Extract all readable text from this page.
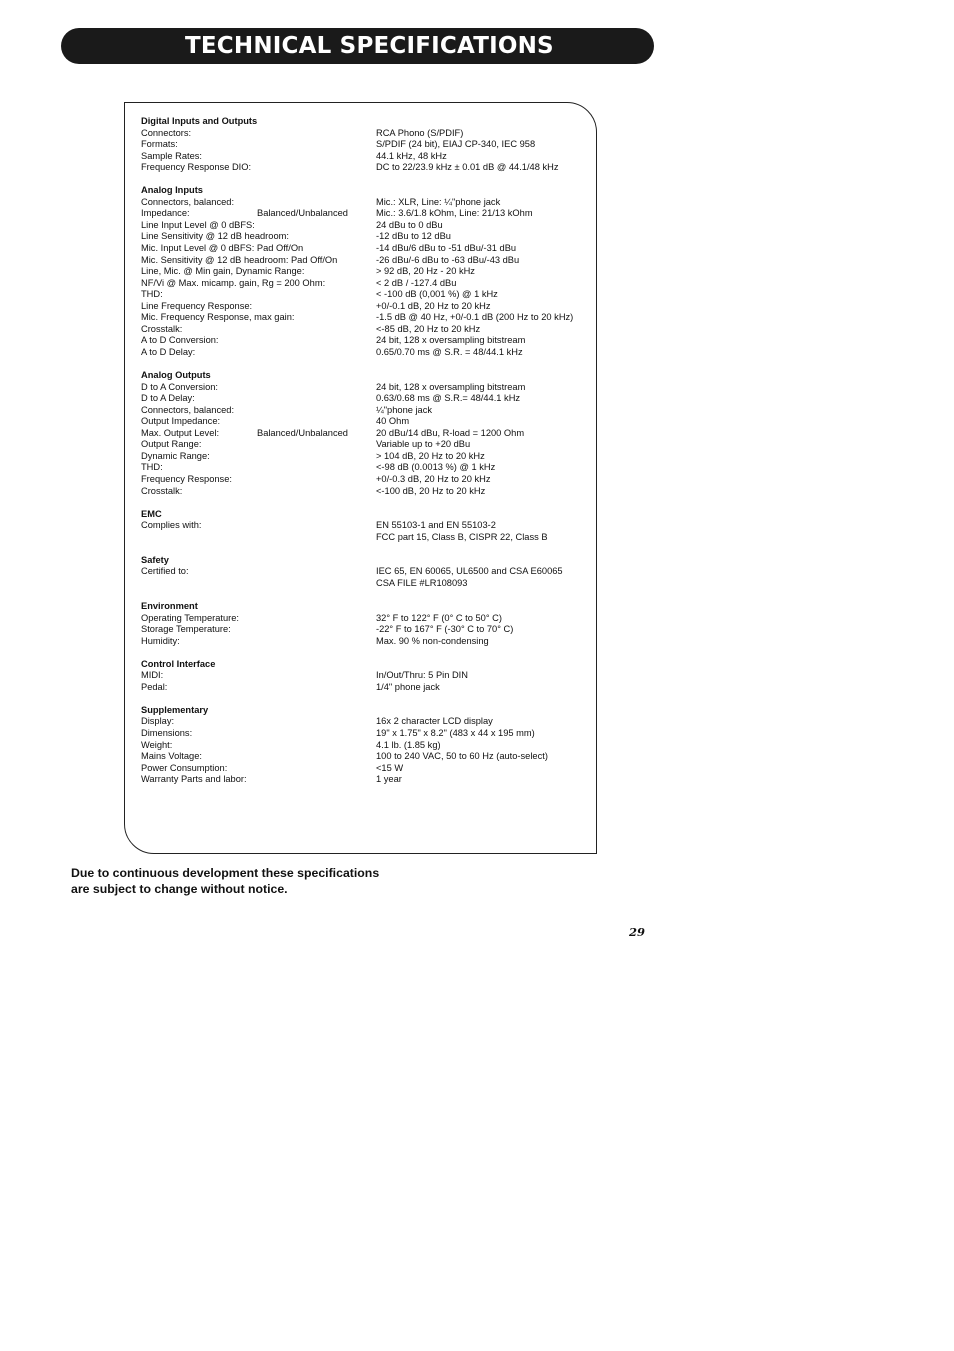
TECHNICAL SPECIFICATIONS
Digital Inputs and Outputs
Connectors:	RCA Phono (S/PDIF)
Formats:	S/PDIF (24 bit), EIAJ CP-340, IEC 958
Sample Rates:	44.1 kHz, 48 kHz
Frequency Response DIO:	DC to 22/23.9 kHz ± 0.01 dB @ 44.1/48 kHz
Analog Inputs
Connectors, balanced:	Mic.: XLR, Line: ¼"phone jack
Impedance:	Balanced/Unbalanced	Mic.: 3.6/1.8 kOhm, Line: 21/13 kOhm
Line Input Level @ 0 dBFS:	24 dBu to 0 dBu
Line Sensitivity @ 12 dB headroom:	-12 dBu to 12 dBu
Mic. Input Level @ 0 dBFS: Pad Off/On	-14 dBu/6 dBu to -51 dBu/-31 dBu
Mic. Sensitivity @ 12 dB headroom: Pad Off/On	-26 dBu/-6 dBu to -63 dBu/-43 dBu
Line, Mic. @ Min gain, Dynamic Range:	> 92 dB, 20 Hz - 20 kHz
NF/Vi @ Max. micamp. gain, Rg = 200 Ohm:	< 2 dB / -127.4 dBu
THD:	< -100 dB (0,001 %) @ 1 kHz
Line Frequency Response:	+0/-0.1 dB, 20 Hz to 20 kHz
Mic. Frequency Response, max gain:	-1.5 dB @ 40 Hz, +0/-0.1 dB (200 Hz to 20 kHz)
Crosstalk:	<-85 dB, 20 Hz to 20 kHz
A to D Conversion:	24 bit, 128 x oversampling bitstream
A to D Delay:	0.65/0.70 ms @ S.R. = 48/44.1 kHz
Analog Outputs
D to A Conversion:	24 bit, 128 x oversampling bitstream
D to A Delay:	0.63/0.68 ms @ S.R.= 48/44.1 kHz
Connectors, balanced:	¼"phone jack
Output Impedance:	40 Ohm
Max. Output Level:	Balanced/Unbalanced	20 dBu/14 dBu, R-load = 1200 Ohm
Output Range:	Variable up to +20 dBu
Dynamic Range:	> 104 dB, 20 Hz to 20 kHz
THD:	<-98 dB (0.0013 %) @ 1 kHz
Frequency Response:	+0/-0.3 dB, 20 Hz to 20 kHz
Crosstalk:	<-100 dB, 20 Hz to 20 kHz
EMC
Complies with:	EN 55103-1 and EN 55103-2
FCC part 15, Class B, CISPR 22, Class B
Safety
Certified to:	IEC 65, EN 60065, UL6500 and CSA E60065
CSA FILE #LR108093
Environment
Operating Temperature:	32° F to 122° F (0° C to 50° C)
Storage Temperature:	-22° F to 167° F (-30° C to 70° C)
Humidity:	Max. 90 % non-condensing
Control Interface
MIDI:	In/Out/Thru: 5 Pin DIN
Pedal:	1/4" phone jack
Supplementary
Display:	16x 2 character LCD display
Dimensions:	19" x 1.75" x 8.2" (483 x 44 x 195 mm)
Weight:	4.1 lb. (1.85 kg)
Mains Voltage:	100 to 240 VAC, 50 to 60 Hz (auto-select)
Power Consumption:	<15 W
Warranty Parts and labor:	1 year
Due to continuous development these specifications
are subject to change without notice.
29
